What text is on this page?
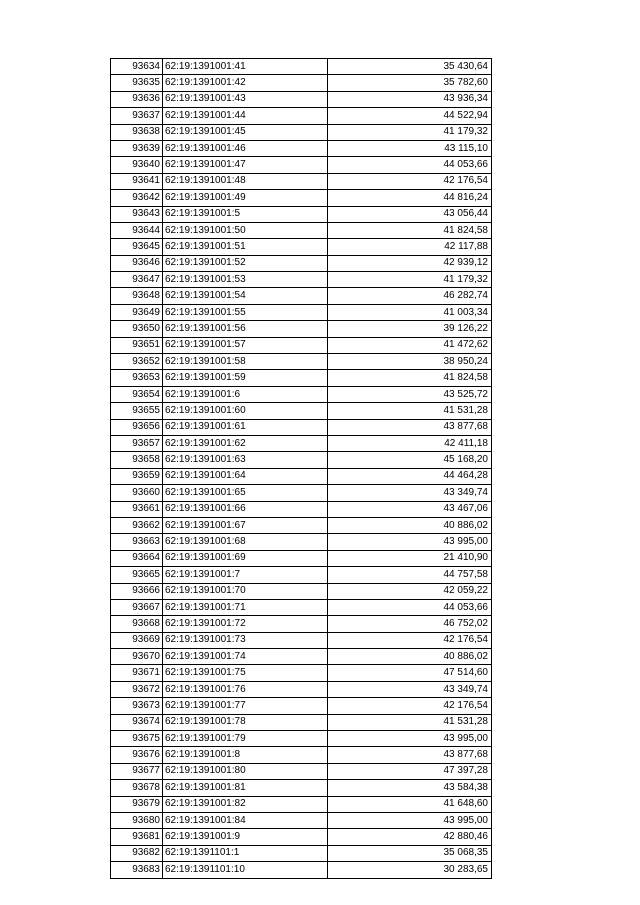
93634	62:19:1391001:41	35 430,64
93635	62:19:1391001:42	35 782,60
93636	62:19:1391001:43	43 936,34
93637	62:19:1391001:44	44 522,94
93638	62:19:1391001:45	41 179,32
93639	62:19:1391001:46	43 115,10
93640	62:19:1391001:47	44 053,66
93641	62:19:1391001:48	42 176,54
93642	62:19:1391001:49	44 816,24
93643	62:19:1391001:5	43 056,44
93644	62:19:1391001:50	41 824,58
93645	62:19:1391001:51	42 117,88
93646	62:19:1391001:52	42 939,12
93647	62:19:1391001:53	41 179,32
93648	62:19:1391001:54	46 282,74
93649	62:19:1391001:55	41 003,34
93650	62:19:1391001:56	39 126,22
93651	62:19:1391001:57	41 472,62
93652	62:19:1391001:58	38 950,24
93653	62:19:1391001:59	41 824,58
93654	62:19:1391001:6	43 525,72
93655	62:19:1391001:60	41 531,28
93656	62:19:1391001:61	43 877,68
93657	62:19:1391001:62	42 411,18
93658	62:19:1391001:63	45 168,20
93659	62:19:1391001:64	44 464,28
93660	62:19:1391001:65	43 349,74
93661	62:19:1391001:66	43 467,06
93662	62:19:1391001:67	40 886,02
93663	62:19:1391001:68	43 995,00
93664	62:19:1391001:69	21 410,90
93665	62:19:1391001:7	44 757,58
93666	62:19:1391001:70	42 059,22
93667	62:19:1391001:71	44 053,66
93668	62:19:1391001:72	46 752,02
93669	62:19:1391001:73	42 176,54
93670	62:19:1391001:74	40 886,02
93671	62:19:1391001:75	47 514,60
93672	62:19:1391001:76	43 349,74
93673	62:19:1391001:77	42 176,54
93674	62:19:1391001:78	41 531,28
93675	62:19:1391001:79	43 995,00
93676	62:19:1391001:8	43 877,68
93677	62:19:1391001:80	47 397,28
93678	62:19:1391001:81	43 584,38
93679	62:19:1391001:82	41 648,60
93680	62:19:1391001:84	43 995,00
93681	62:19:1391001:9	42 880,46
93682	62:19:1391101:1	35 068,35
93683	62:19:1391101:10	30 283,65
